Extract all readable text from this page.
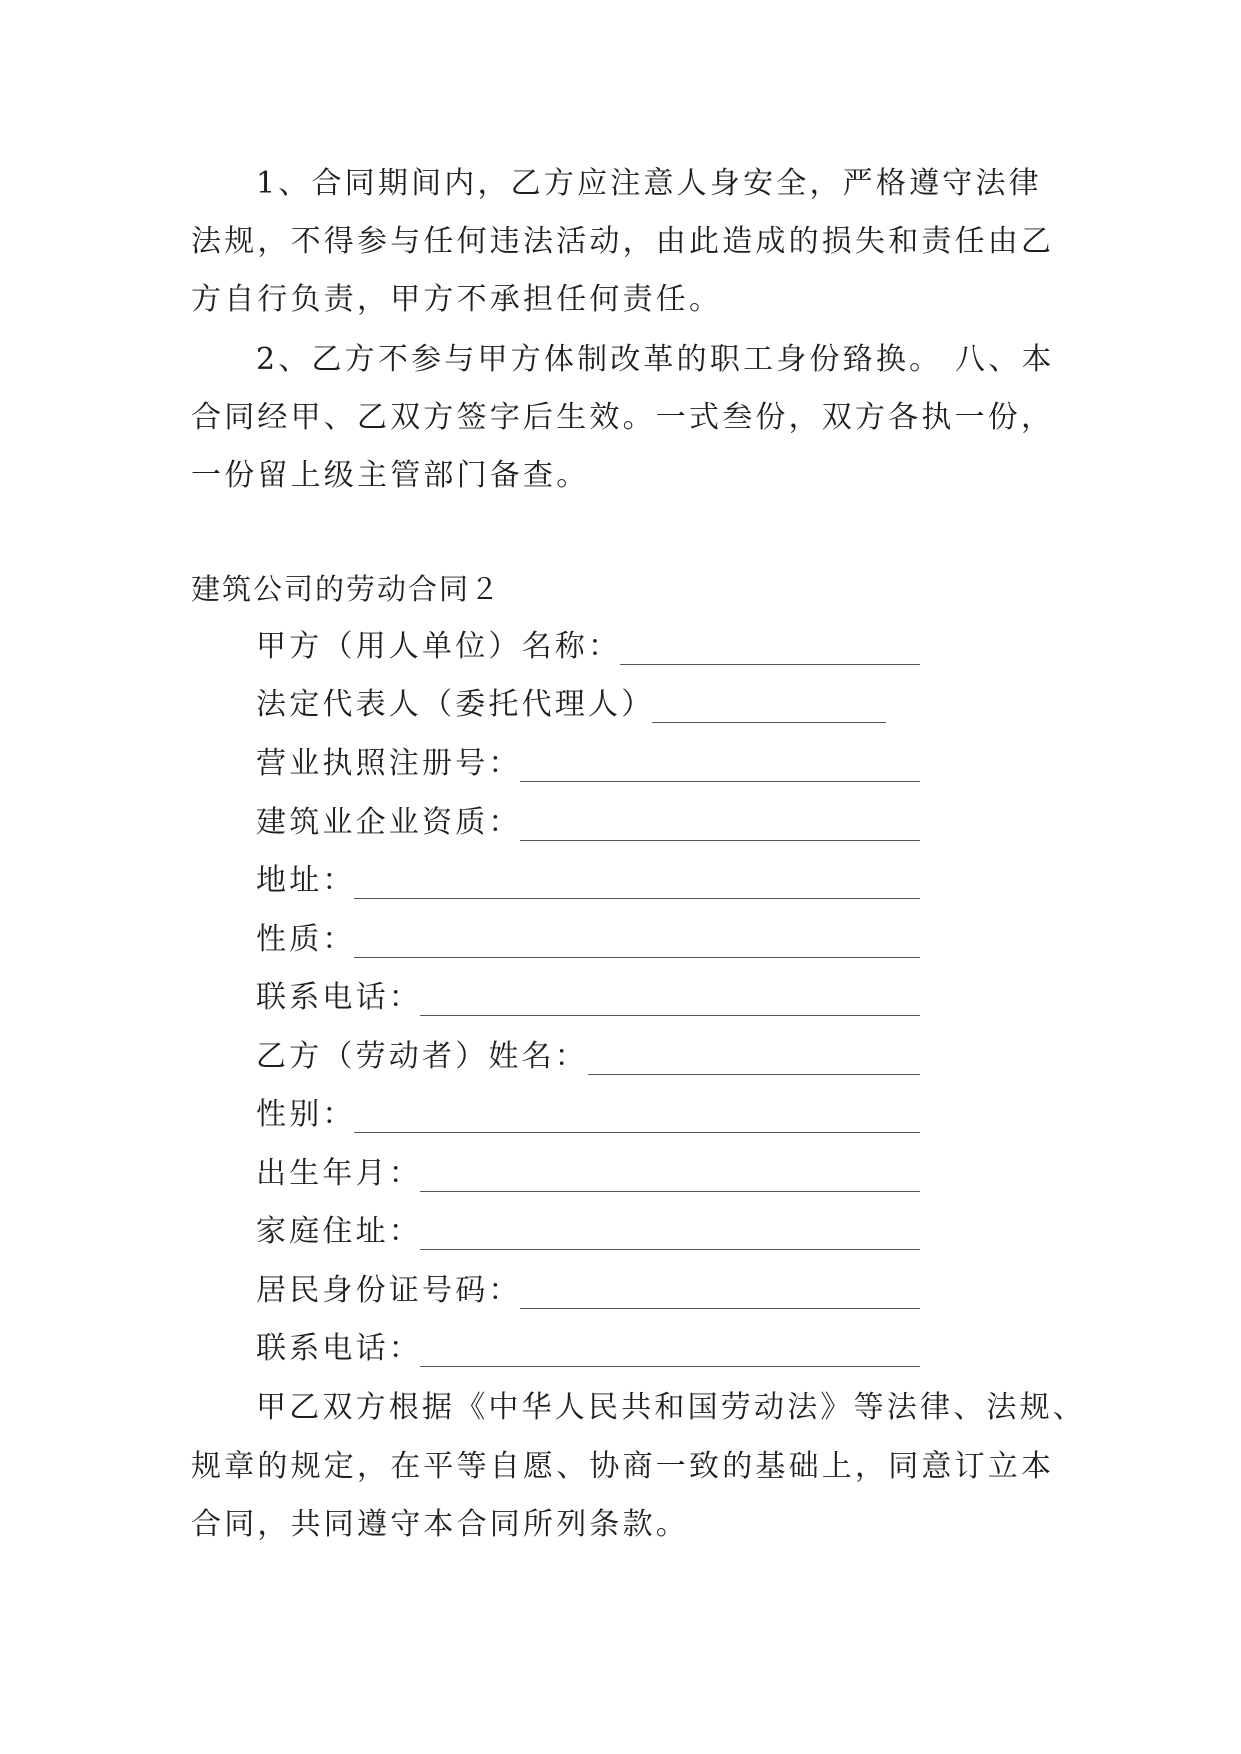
1、合同期间内，乙方应注意人身安全，严格遵守法律
法规，不得参与任何违法活动，由此造成的损失和责任由乙
方自行负责，甲方不承担任何责任。
2、乙方不参与甲方体制改革的职工身份臵换。 八、本
合同经甲、乙双方签字后生效。一式叁份，双方各执一份，
一份留上级主管部门备查。
建筑公司的劳动合同２
甲方（用人单位）名称：
法定代表人（委托代理人）
营业执照注册号：
建筑业企业资质：
地址：
性质：
联系电话：
乙方（劳动者）姓名：
性别：
出生年月：
家庭住址：
居民身份证号码：
联系电话：
甲乙双方根据《中华人民共和国劳动法》等法律、法规、
规章的规定，在平等自愿、协商一致的基础上，同意订立本
合同，共同遵守本合同所列条款。
